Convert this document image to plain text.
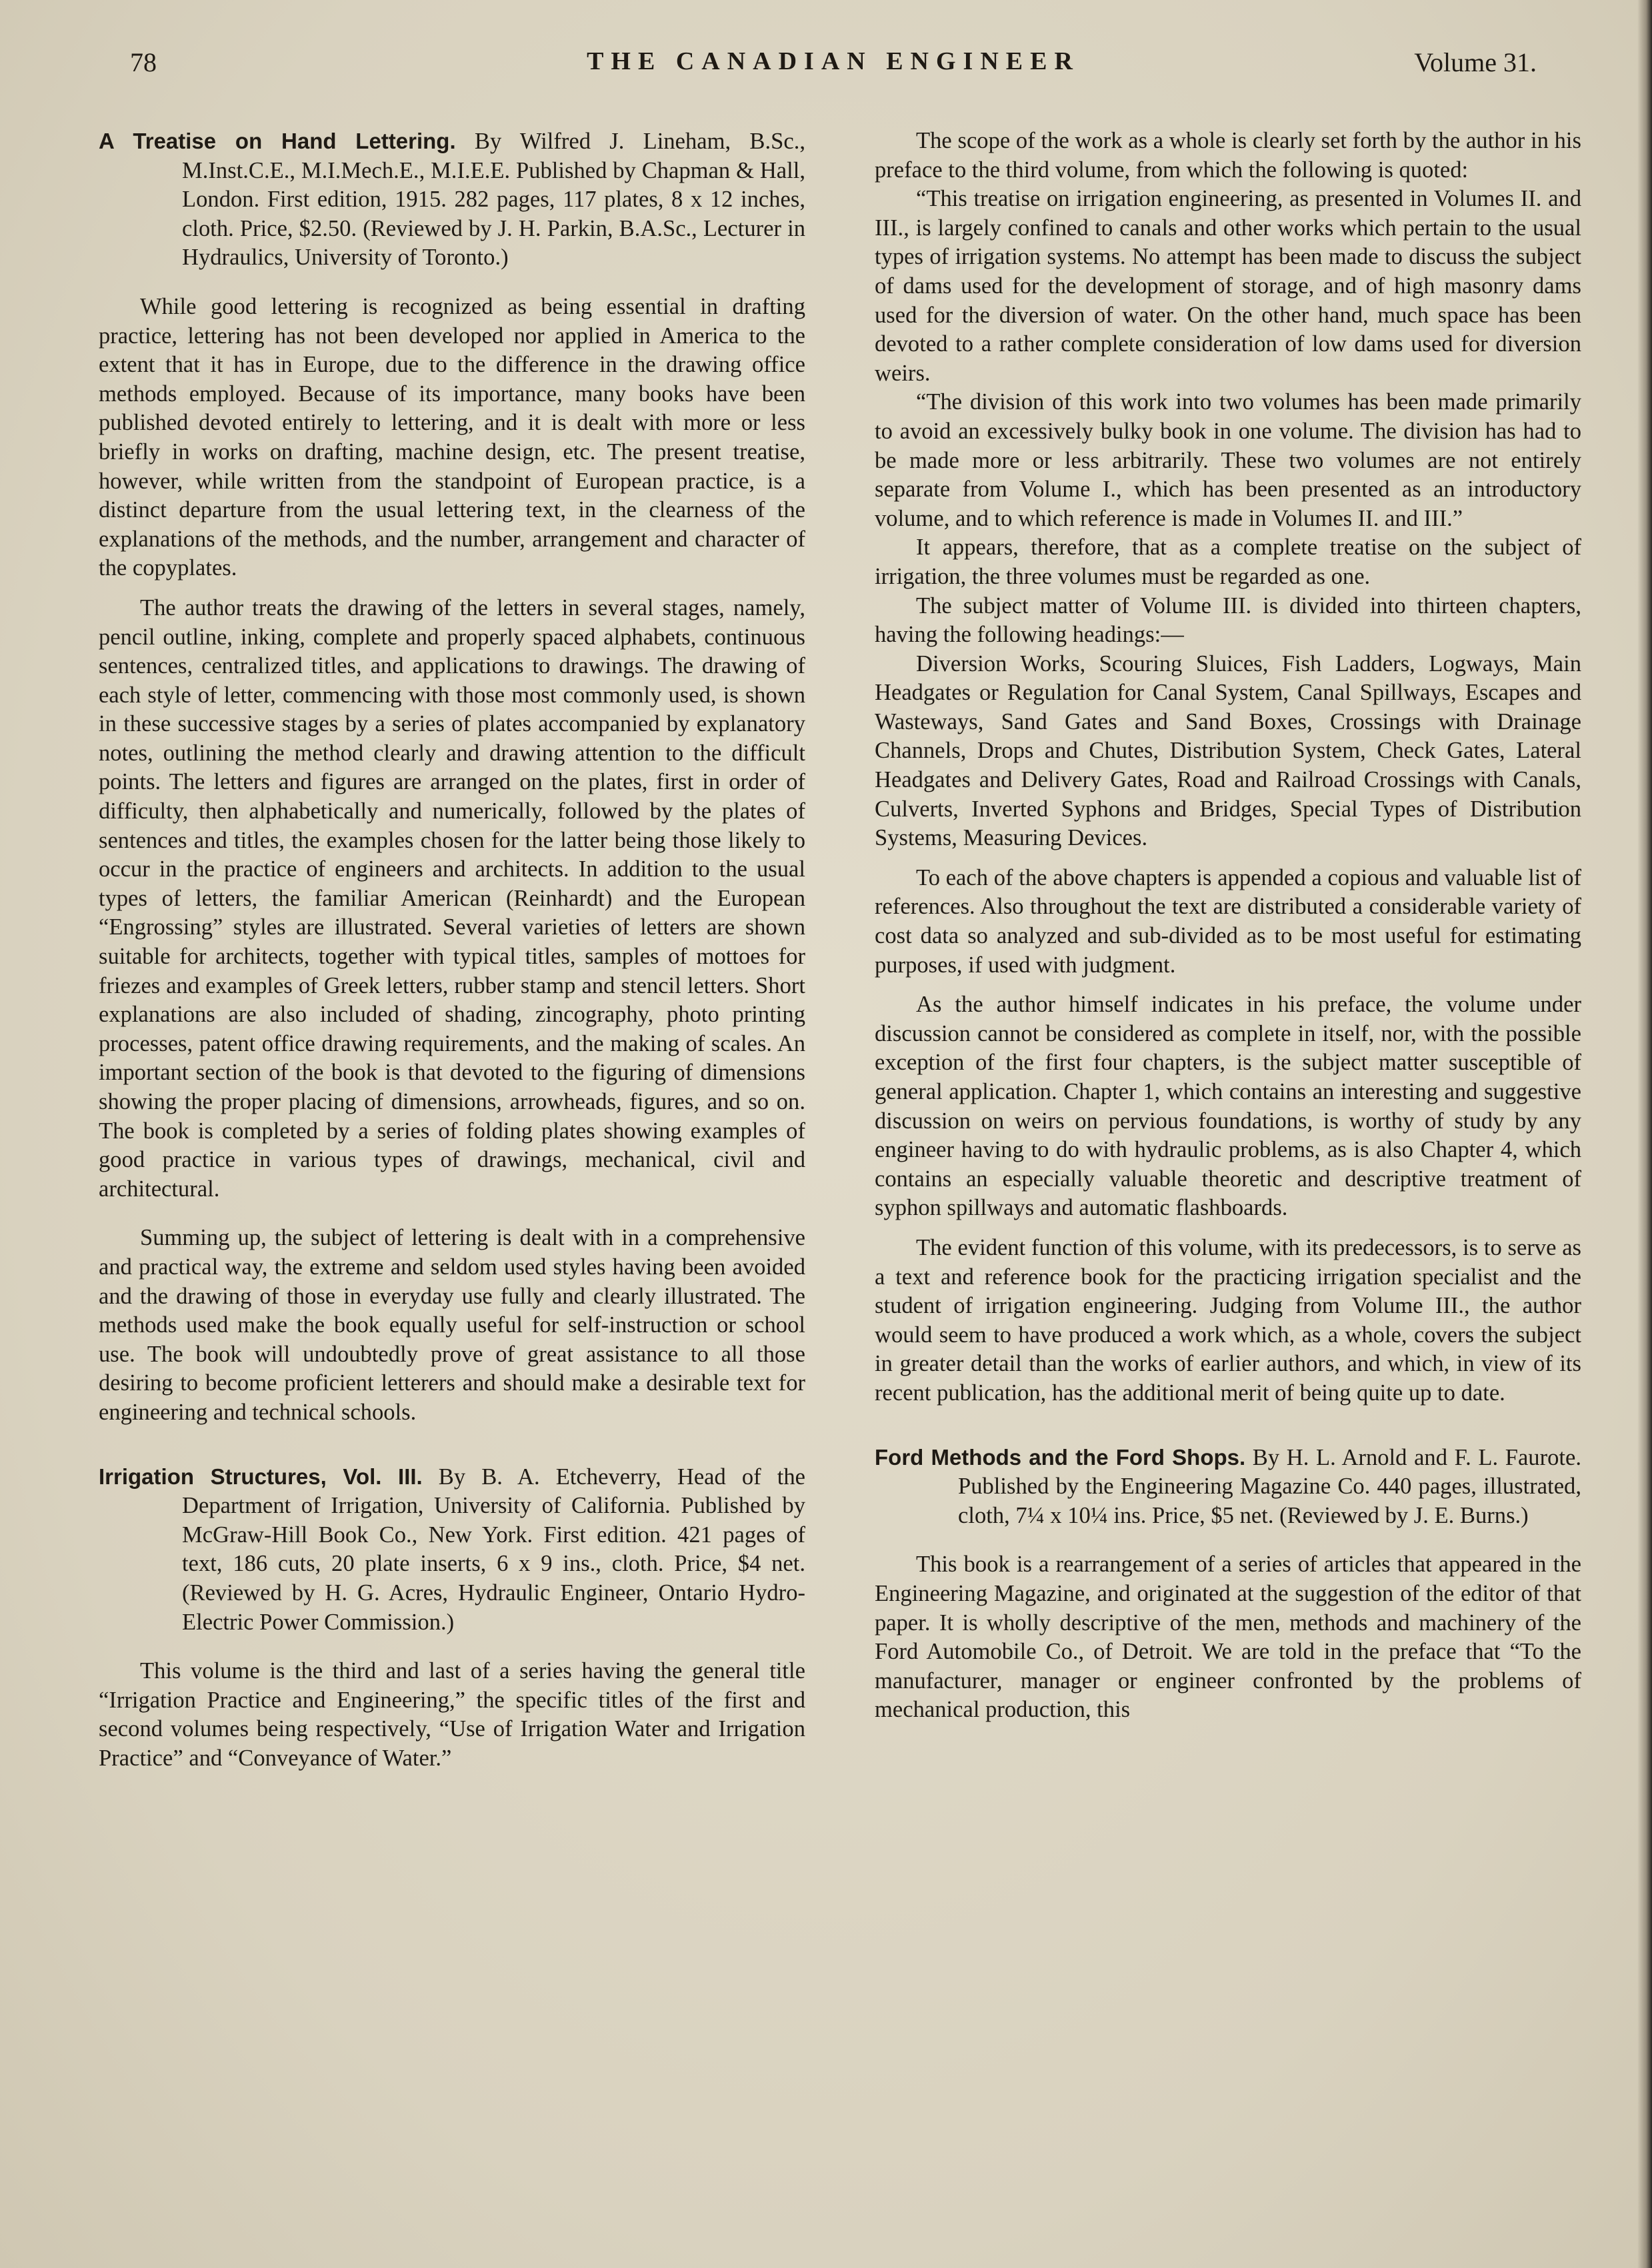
78	THE CANADIAN ENGINEER	Volume 31.

A Treatise on Hand Lettering. By Wilfred J. Lineham, B.Sc., M.Inst.C.E., M.I.Mech.E., M.I.E.E. Published by Chapman & Hall, London. First edition, 1915. 282 pages, 117 plates, 8 x 12 inches, cloth. Price, $2.50. (Reviewed by J. H. Parkin, B.A.Sc., Lecturer in Hydraulics, University of Toronto.)

While good lettering is recognized as being essential in drafting practice, lettering has not been developed nor applied in America to the extent that it has in Europe, due to the difference in the drawing office methods employed. Because of its importance, many books have been published devoted entirely to lettering, and it is dealt with more or less briefly in works on drafting, machine design, etc. The present treatise, however, while written from the standpoint of European practice, is a distinct departure from the usual lettering text, in the clearness of the explanations of the methods, and the number, arrangement and character of the copyplates.

The author treats the drawing of the letters in several stages, namely, pencil outline, inking, complete and properly spaced alphabets, continuous sentences, centralized titles, and applications to drawings. The drawing of each style of letter, commencing with those most commonly used, is shown in these successive stages by a series of plates accompanied by explanatory notes, outlining the method clearly and drawing attention to the difficult points. The letters and figures are arranged on the plates, first in order of difficulty, then alphabetically and numerically, followed by the plates of sentences and titles, the examples chosen for the latter being those likely to occur in the practice of engineers and architects. In addition to the usual types of letters, the familiar American (Reinhardt) and the European “Engrossing” styles are illustrated. Several varieties of letters are shown suitable for architects, together with typical titles, samples of mottoes for friezes and examples of Greek letters, rubber stamp and stencil letters. Short explanations are also included of shading, zincography, photo printing processes, patent office drawing requirements, and the making of scales. An important section of the book is that devoted to the figuring of dimensions showing the proper placing of dimensions, arrowheads, figures, and so on. The book is completed by a series of folding plates showing examples of good practice in various types of drawings, mechanical, civil and architectural.

Summing up, the subject of lettering is dealt with in a comprehensive and practical way, the extreme and seldom used styles having been avoided and the drawing of those in everyday use fully and clearly illustrated. The methods used make the book equally useful for self-instruction or school use. The book will undoubtedly prove of great assistance to all those desiring to become proficient letterers and should make a desirable text for engineering and technical schools.

Irrigation Structures, Vol. III. By B. A. Etcheverry, Head of the Department of Irrigation, University of California. Published by McGraw-Hill Book Co., New York. First edition. 421 pages of text, 186 cuts, 20 plate inserts, 6 x 9 ins., cloth. Price, $4 net. (Reviewed by H. G. Acres, Hydraulic Engineer, Ontario Hydro-Electric Power Commission.)

This volume is the third and last of a series having the general title “Irrigation Practice and Engineering,” the specific titles of the first and second volumes being respectively, “Use of Irrigation Water and Irrigation Practice” and “Conveyance of Water.”

The scope of the work as a whole is clearly set forth by the author in his preface to the third volume, from which the following is quoted:

“This treatise on irrigation engineering, as presented in Volumes II. and III., is largely confined to canals and other works which pertain to the usual types of irrigation systems. No attempt has been made to discuss the subject of dams used for the development of storage, and of high masonry dams used for the diversion of water. On the other hand, much space has been devoted to a rather complete consideration of low dams used for diversion weirs.

“The division of this work into two volumes has been made primarily to avoid an excessively bulky book in one volume. The division has had to be made more or less arbitrarily. These two volumes are not entirely separate from Volume I., which has been presented as an introductory volume, and to which reference is made in Volumes II. and III.”

It appears, therefore, that as a complete treatise on the subject of irrigation, the three volumes must be regarded as one.

The subject matter of Volume III. is divided into thirteen chapters, having the following headings:—

Diversion Works, Scouring Sluices, Fish Ladders, Logways, Main Headgates or Regulation for Canal System, Canal Spillways, Escapes and Wasteways, Sand Gates and Sand Boxes, Crossings with Drainage Channels, Drops and Chutes, Distribution System, Check Gates, Lateral Headgates and Delivery Gates, Road and Railroad Crossings with Canals, Culverts, Inverted Syphons and Bridges, Special Types of Distribution Systems, Measuring Devices.

To each of the above chapters is appended a copious and valuable list of references. Also throughout the text are distributed a considerable variety of cost data so analyzed and sub-divided as to be most useful for estimating purposes, if used with judgment.

As the author himself indicates in his preface, the volume under discussion cannot be considered as complete in itself, nor, with the possible exception of the first four chapters, is the subject matter susceptible of general application. Chapter 1, which contains an interesting and suggestive discussion on weirs on pervious foundations, is worthy of study by any engineer having to do with hydraulic problems, as is also Chapter 4, which contains an especially valuable theoretic and descriptive treatment of syphon spillways and automatic flashboards.

The evident function of this volume, with its predecessors, is to serve as a text and reference book for the practicing irrigation specialist and the student of irrigation engineering. Judging from Volume III., the author would seem to have produced a work which, as a whole, covers the subject in greater detail than the works of earlier authors, and which, in view of its recent publication, has the additional merit of being quite up to date.

Ford Methods and the Ford Shops. By H. L. Arnold and F. L. Faurote. Published by the Engineering Magazine Co. 440 pages, illustrated, cloth, 7¼ x 10¼ ins. Price, $5 net. (Reviewed by J. E. Burns.)

This book is a rearrangement of a series of articles that appeared in the Engineering Magazine, and originated at the suggestion of the editor of that paper. It is wholly descriptive of the men, methods and machinery of the Ford Automobile Co., of Detroit. We are told in the preface that “To the manufacturer, manager or engineer confronted by the problems of mechanical production, this
